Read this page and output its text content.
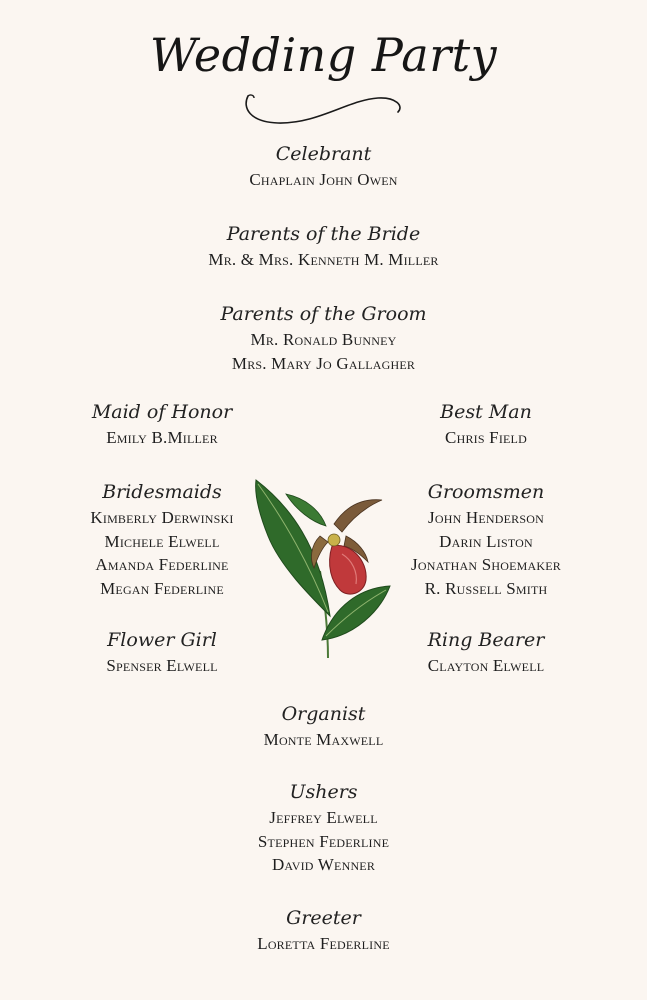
Wedding Party
Celebrant
Chaplain John Owen
Parents of the Bride
Mr. & Mrs. Kenneth M. Miller
Parents of the Groom
Mr. Ronald Bunney
Mrs. Mary Jo Gallagher
Maid of Honor
Emily B.Miller
Best Man
Chris Field
Bridesmaids
Kimberly Derwinski
Michele Elwell
Amanda Federline
Megan Federline
Groomsmen
John Henderson
Darin Liston
Jonathan Shoemaker
R. Russell Smith
Flower Girl
Spenser Elwell
Ring Bearer
Clayton Elwell
Organist
Monte Maxwell
Ushers
Jeffrey Elwell
Stephen Federline
David Wenner
Greeter
Loretta Federline
